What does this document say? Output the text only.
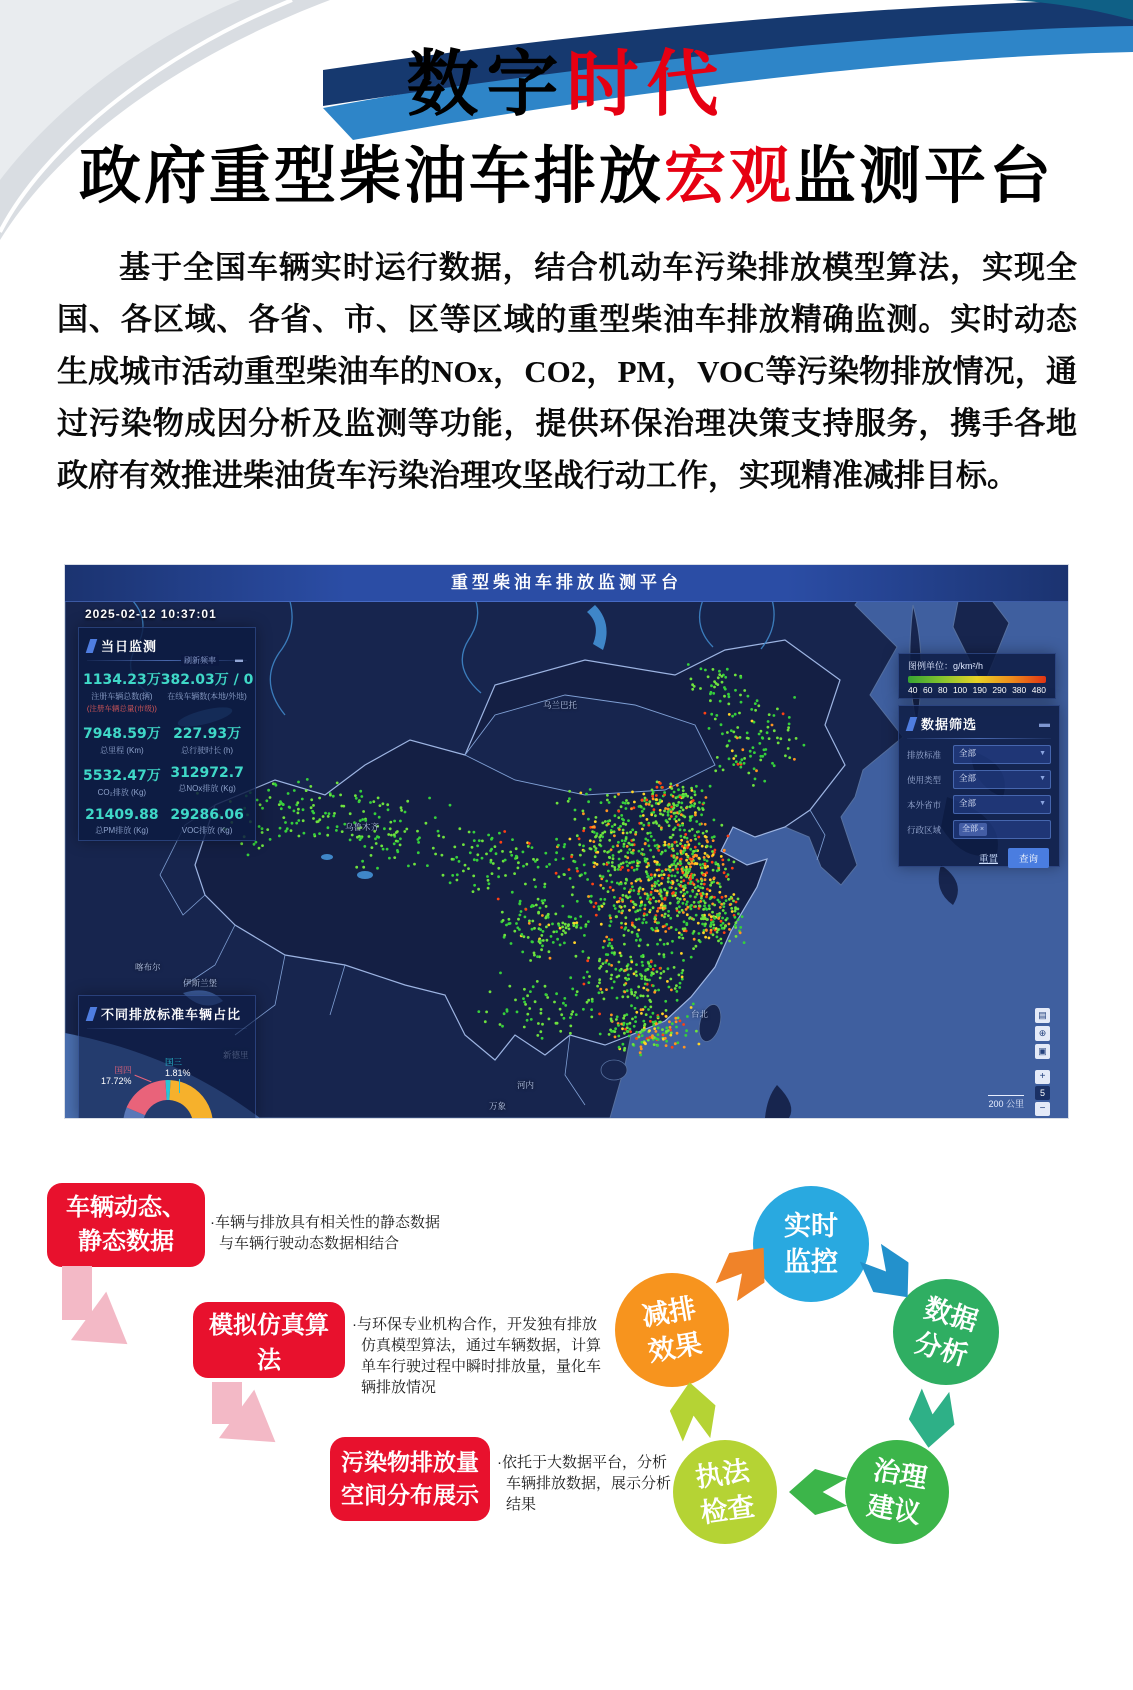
数字时代
政府重型柴油车排放宏观监测平台

基于全国车辆实时运行数据，结合机动车污染排放模型算法，实现全国、各区域、各省、市、区等区域的重型柴油车排放精确监测。实时动态生成城市活动重型柴油车的NOx，CO2，PM，VOC等污染物排放情况，通过污染物成因分析及监测等功能，提供环保治理决策支持服务，携手各地政府有效推进柴油货车污染治理攻坚战行动工作，实现精准减排目标。

乌兰巴托
乌鲁木齐
喀布尔
伊斯兰堡
台北
河内
万象
重型柴油车排放监测平台
2025-02-12 10:37:01
当日监测
刷新频率	▬
1134.23万
注册车辆总数(辆)
(注册车辆总量(市级))
382.03万 / 0
在线车辆数(本地/外地)
7948.59万
总里程 (Km)
227.93万
总行驶时长 (h)
5532.47万
CO₂排放 (Kg)
312972.7
总NOx排放 (Kg)
21409.88
总PM排放 (Kg)
29286.06
VOC排放 (Kg)
不同排放标准车辆占比
国四
17.72%
国三
1.81%
图例单位：g/km²/h
40 60 80 100 190 290 380 480
数据筛选	▬
排放标准	全部	▼
使用类型	全部	▼
本外省市	全部	▼
行政区域	全部 ×
重置	查询
▤
⊕
▣
+
5
−
200 公里
车辆动态、静态数据
·车辆与排放具有相关性的静态数据与车辆行驶动态数据相结合
模拟仿真算法
·与环保专业机构合作，开发独有排放仿真模型算法，通过车辆数据，计算单车行驶过程中瞬时排放量，量化车辆排放情况
污染物排放量空间分布展示
·依托于大数据平台，分析车辆排放数据，展示分析结果
实时监控
数据分析
治理建议
执法检查
减排效果
